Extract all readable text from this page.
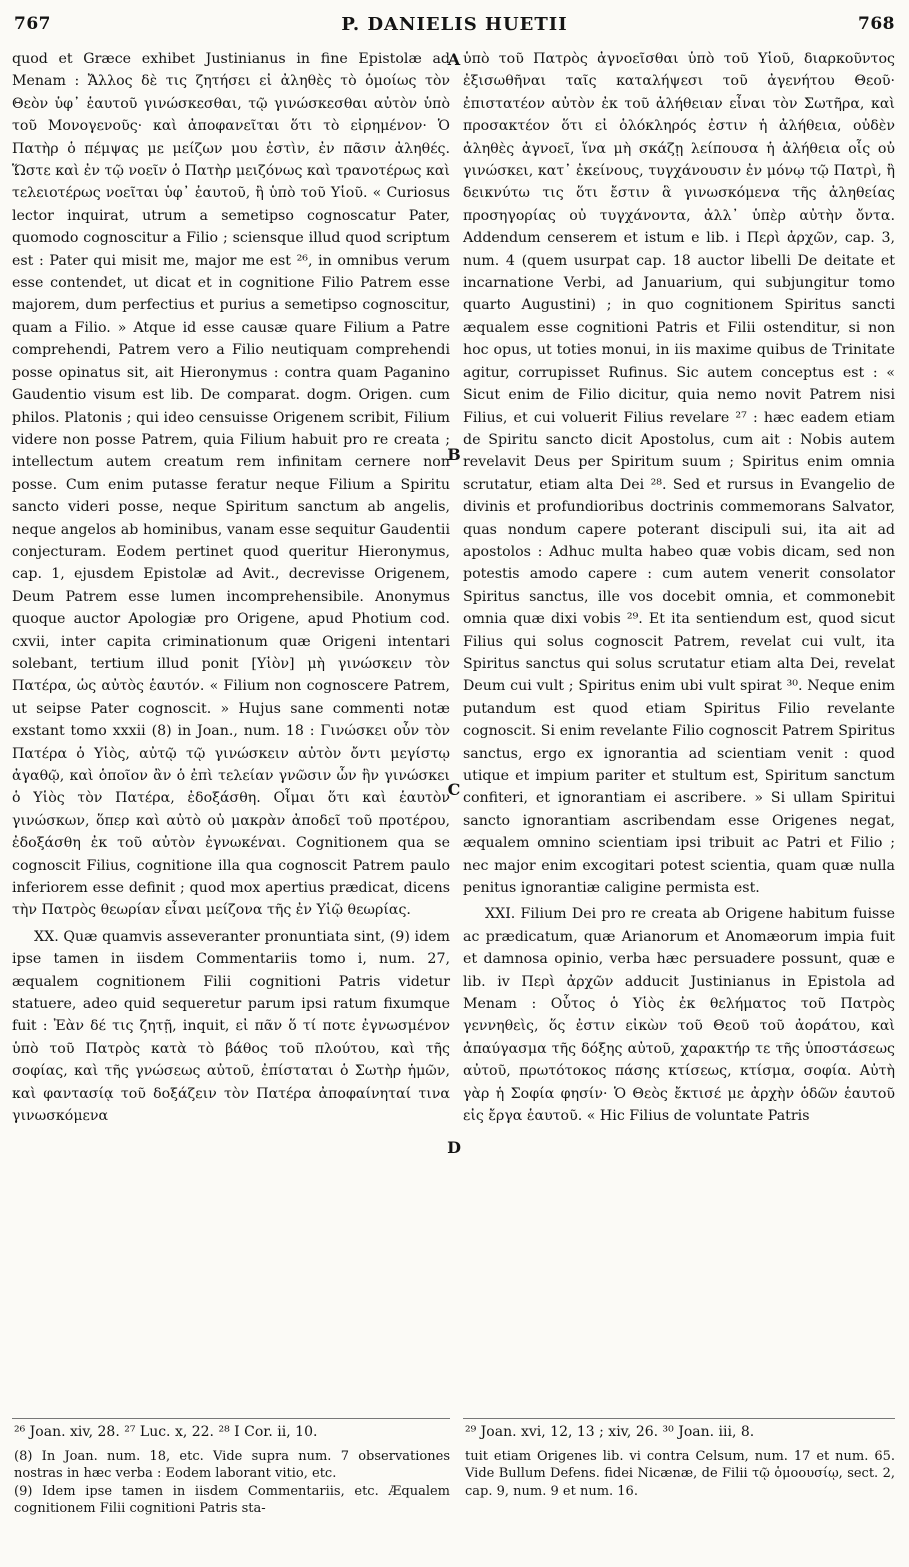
767	P. DANIELIS HUETII	768
A
B
C
D

quod et Græce exhibet Justinianus in fine Epistolæ ad Menam : Ἄλλος δὲ τις ζητήσει εἰ ἀληθὲς τὸ ὁμοίως τὸν Θεὸν ὑφ᾽ ἑαυτοῦ γινώσκεσθαι, τῷ γινώσκεσθαι αὐτὸν ὑπὸ τοῦ Μονογενοῦς· καὶ ἀποφανεῖται ὅτι τὸ εἰρημένον· Ὁ Πατὴρ ὁ πέμψας με μείζων μου ἐστὶν, ἐν πᾶσιν ἀληθές. Ὥστε καὶ ἐν τῷ νοεῖν ὁ Πατὴρ μειζόνως καὶ τρανοτέρως καὶ τελειοτέρως νοεῖται ὑφ᾽ ἑαυτοῦ, ἢ ὑπὸ τοῦ Υἱοῦ. « Curiosus lector inquirat, utrum a semetipso cognoscatur Pater, quomodo cognoscitur a Filio ; sciensque illud quod scriptum est : Pater qui misit me, major me est ²⁶, in omnibus verum esse contendet, ut dicat et in cognitione Filio Patrem esse majorem, dum perfectius et purius a semetipso cognoscitur, quam a Filio. » Atque id esse causæ quare Filium a Patre comprehendi, Patrem vero a Filio neutiquam comprehendi posse opinatus sit, ait Hieronymus : contra quam Paganino Gaudentio visum est lib. De comparat. dogm. Origen. cum philos. Platonis ; qui ideo censuisse Origenem scribit, Filium videre non posse Patrem, quia Filium habuit pro re creata ; intellectum autem creatum rem infinitam cernere non posse. Cum enim putasse feratur neque Filium a Spiritu sancto videri posse, neque Spiritum sanctum ab angelis, neque angelos ab hominibus, vanam esse sequitur Gaudentii conjecturam. Eodem pertinet quod queritur Hieronymus, cap. 1, ejusdem Epistolæ ad Avit., decrevisse Origenem, Deum Patrem esse lumen incomprehensibile. Anonymus quoque auctor Apologiæ pro Origene, apud Photium cod. cxvii, inter capita criminationum quæ Origeni intentari solebant, tertium illud ponit [Υἱὸν] μὴ γινώσκειν τὸν Πατέρα, ὡς αὐτὸς ἑαυτόν. « Filium non cognoscere Patrem, ut seipse Pater cognoscit. » Hujus sane commenti notæ exstant tomo xxxii (8) in Joan., num. 18 : Γινώσκει οὖν τὸν Πατέρα ὁ Υἱὸς, αὐτῷ τῷ γινώσκειν αὐτὸν ὄντι μεγίστῳ ἀγαθῷ, καὶ ὁποῖον ἂν ὁ ἐπὶ τελείαν γνῶσιν ὧν ἣν γινώσκει ὁ Υἱὸς τὸν Πατέρα, ἐδοξάσθη. Οἶμαι ὅτι καὶ ἑαυτὸν γινώσκων, ὅπερ καὶ αὐτὸ οὐ μακρὰν ἀποδεῖ τοῦ προτέρου, ἐδοξάσθη ἐκ τοῦ αὐτὸν ἐγνωκέναι. Cognitionem qua se cognoscit Filius, cognitione illa qua cognoscit Patrem paulo inferiorem esse definit ; quod mox apertius prædicat, dicens τὴν Πατρὸς θεωρίαν εἶναι μείζονα τῆς ἐν Υἱῷ θεωρίας.

XX. Quæ quamvis asseveranter pronuntiata sint, (9) idem ipse tamen in iisdem Commentariis tomo i, num. 27, æqualem cognitionem Filii cognitioni Patris videtur statuere, adeo quid sequeretur parum ipsi ratum fixumque fuit : Ἐὰν δέ τις ζητῇ, inquit, εἰ πᾶν ὅ τί ποτε ἐγνωσμένον ὑπὸ τοῦ Πατρὸς κατὰ τὸ βάθος τοῦ πλούτου, καὶ τῆς σοφίας, καὶ τῆς γνώσεως αὐτοῦ, ἐπίσταται ὁ Σωτὴρ ἡμῶν, καὶ φαντασίᾳ τοῦ δοξάζειν τὸν Πατέρα ἀποφαίνηταί τινα γινωσκόμενα

ὑπὸ τοῦ Πατρὸς ἀγνοεῖσθαι ὑπὸ τοῦ Υἱοῦ, διαρκοῦντος ἐξισωθῆναι ταῖς καταλήψεσι τοῦ ἀγενήτου Θεοῦ· ἐπιστατέον αὐτὸν ἐκ τοῦ ἀλήθειαν εἶναι τὸν Σωτῆρα, καὶ προσακτέον ὅτι εἰ ὁλόκληρός ἐστιν ἡ ἀλήθεια, οὐδὲν ἀληθὲς ἀγνοεῖ, ἵνα μὴ σκάζῃ λείπουσα ἡ ἀλήθεια οἷς οὐ γινώσκει, κατ᾽ ἐκείνους, τυγχάνουσιν ἐν μόνῳ τῷ Πατρὶ, ἢ δεικνύτω τις ὅτι ἔστιν ἃ γινωσκόμενα τῆς ἀληθείας προσηγορίας οὐ τυγχάνοντα, ἀλλ᾽ ὑπὲρ αὐτὴν ὄντα. Addendum censerem et istum e lib. i Περὶ ἀρχῶν, cap. 3, num. 4 (quem usurpat cap. 18 auctor libelli De deitate et incarnatione Verbi, ad Januarium, qui subjungitur tomo quarto Augustini) ; in quo cognitionem Spiritus sancti æqualem esse cognitioni Patris et Filii ostenditur, si non hoc opus, ut toties monui, in iis maxime quibus de Trinitate agitur, corrupisset Rufinus. Sic autem conceptus est : « Sicut enim de Filio dicitur, quia nemo novit Patrem nisi Filius, et cui voluerit Filius revelare ²⁷ : hæc eadem etiam de Spiritu sancto dicit Apostolus, cum ait : Nobis autem revelavit Deus per Spiritum suum ; Spiritus enim omnia scrutatur, etiam alta Dei ²⁸. Sed et rursus in Evangelio de divinis et profundioribus doctrinis commemorans Salvator, quas nondum capere poterant discipuli sui, ita ait ad apostolos : Adhuc multa habeo quæ vobis dicam, sed non potestis amodo capere : cum autem venerit consolator Spiritus sanctus, ille vos docebit omnia, et commonebit omnia quæ dixi vobis ²⁹. Et ita sentiendum est, quod sicut Filius qui solus cognoscit Patrem, revelat cui vult, ita Spiritus sanctus qui solus scrutatur etiam alta Dei, revelat Deum cui vult ; Spiritus enim ubi vult spirat ³⁰. Neque enim putandum est quod etiam Spiritus Filio revelante cognoscit. Si enim revelante Filio cognoscit Patrem Spiritus sanctus, ergo ex ignorantia ad scientiam venit : quod utique et impium pariter et stultum est, Spiritum sanctum confiteri, et ignorantiam ei ascribere. » Si ullam Spiritui sancto ignorantiam ascribendam esse Origenes negat, æqualem omnino scientiam ipsi tribuit ac Patri et Filio ; nec major enim excogitari potest scientia, quam quæ nulla penitus ignorantiæ caligine permista est.

XXI. Filium Dei pro re creata ab Origene habitum fuisse ac prædicatum, quæ Arianorum et Anomæorum impia fuit et damnosa opinio, verba hæc persuadere possunt, quæ e lib. iv Περὶ ἀρχῶν adducit Justinianus in Epistola ad Menam : Οὗτος ὁ Υἱὸς ἐκ θελήματος τοῦ Πατρὸς γεννηθεὶς, ὅς ἐστιν εἰκὼν τοῦ Θεοῦ τοῦ ἀοράτου, καὶ ἀπαύγασμα τῆς δόξης αὐτοῦ, χαρακτήρ τε τῆς ὑποστάσεως αὐτοῦ, πρωτότοκος πάσης κτίσεως, κτίσμα, σοφία. Αὐτὴ γὰρ ἡ Σοφία φησίν· Ὁ Θεὸς ἔκτισέ με ἀρχὴν ὁδῶν ἑαυτοῦ εἰς ἔργα ἑαυτοῦ. « Hic Filius de voluntate Patris

²⁶ Joan. xiv, 28. ²⁷ Luc. x, 22. ²⁸ I Cor. ii, 10.

(8) In Joan. num. 18, etc. Vide supra num. 7 observationes nostras in hæc verba : Eodem laborant vitio, etc.

(9) Idem ipse tamen in iisdem Commentariis, etc. Æqualem cognitionem Filii cognitioni Patris sta-

²⁹ Joan. xvi, 12, 13 ; xiv, 26. ³⁰ Joan. iii, 8.

tuit etiam Origenes lib. vi contra Celsum, num. 17 et num. 65. Vide Bullum Defens. fidei Nicænæ, de Filii τῷ ὁμοουσίῳ, sect. 2, cap. 9, num. 9 et num. 16.
